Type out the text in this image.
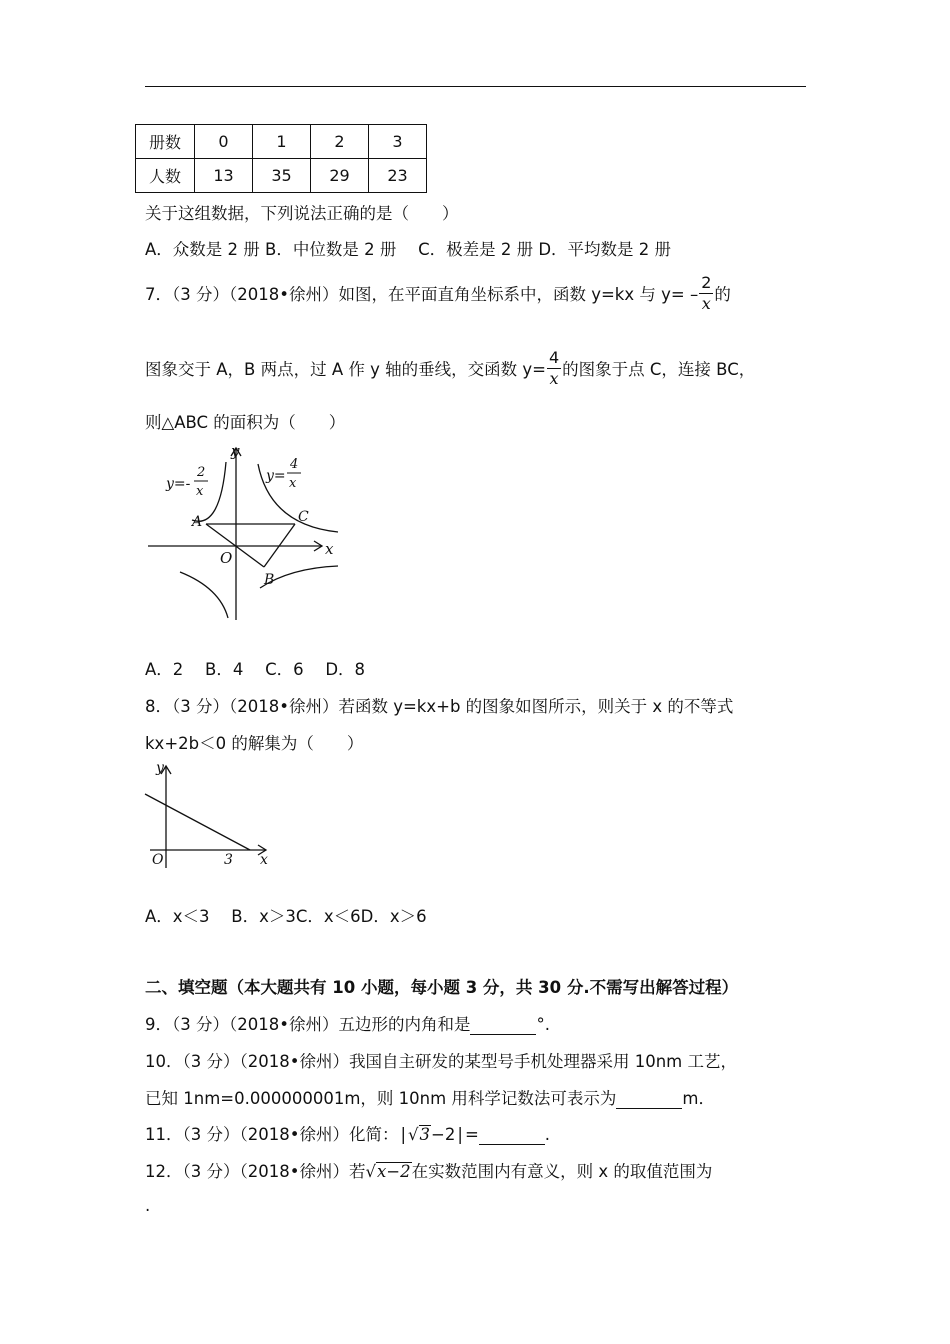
册数	0	1	2	3
人数	13	35	29	23
关于这组数据，下列说法正确的是（　　）
A．众数是 2 册 B．中位数是 2 册　 C．极差是 2 册 D．平均数是 2 册
7．（3 分）（2018•徐州）如图，在平面直角坐标系中，函数 y=kx 与 $y= - \frac{2}{x}$ 的
图象交于 A，B 两点，过 A 作 y 轴的垂线，交函数 $y= \frac{4}{x}$ 的图象于点 C，连接 BC，
则△ABC 的面积为（　　）
y
x
O
A
B
C
y=-
2
x
y=
4
x
A．2　 B．4　 C．6　 D．8
8．（3 分）（2018•徐州）若函数 y=kx+b 的图象如图所示，则关于 x 的不等式
kx+2b＜0 的解集为（　　）
y
x
O	3
A．x＜3　 B．x＞3C．x＜6D．x＞6
二、填空题（本大题共有 10 小题，每小题 3 分，共 30 分.不需写出解答过程）
9．（3 分）（2018•徐州）五边形的内角和是	°.
10．（3 分）（2018•徐州）我国自主研发的某型号手机处理器采用 10nm 工艺，
已知 1nm=0.000000001m，则 10nm 用科学记数法可表示为	m．
11．（3 分）（2018•徐州）化简： | √3−2 | =	.
12．（3 分）（2018•徐州）若√x−2在实数范围内有意义，则 x 的取值范围为
.
